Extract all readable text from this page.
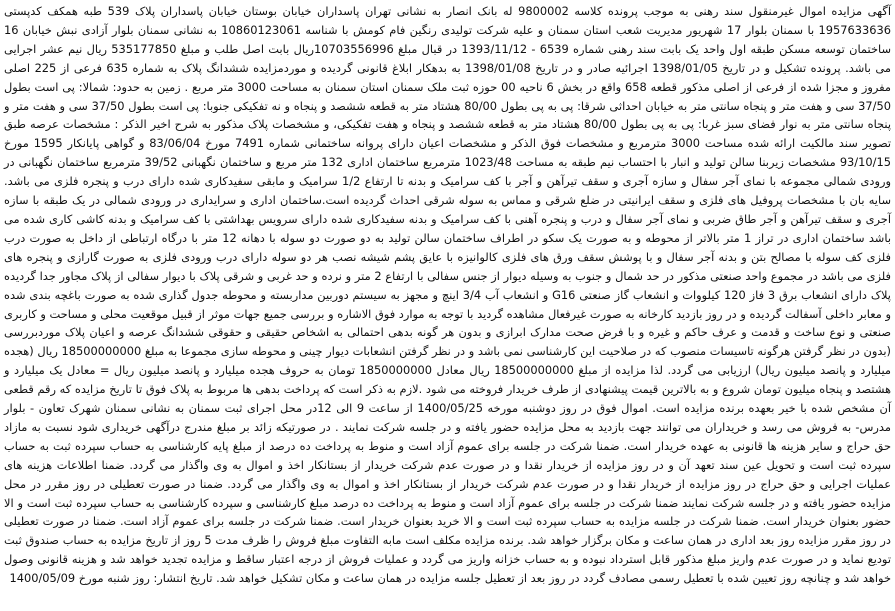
آگهی مزایده اموال غیرمنقول سند رهنی به موجب پرونده کلاسه 9800002 له بانک انصار به نشانی تهران پاسداران خیابان بوستان خیابان پاسداران پلاک 539 طبه همکف کدپستی 1957633636 با سمنان بلوار 17 شهریور مدیریت شعب استان سمنان و علیه شرکت تولیدی رنگین فام کومش با شناسه 10860123061 به نشانی سمنان بلوار آزادی نبش خیابان 16 ساختمان توسعه مسکن طبقه اول واحد یک بابت سند رهنی شماره 6539 - 1393/11/12 در قبال مبلغ 10703556996ریال بابت اصل طلب و مبلغ 535177850 ریال نیم عشر اجرایی می باشد. پرونده تشکیل و در تاریخ 1398/01/05 اجرائیه صادر و در تاریخ 1398/01/08 به بدهکار ابلاغ قانونی گردیده و موردمزایده ششدانگ پلاک به شماره 635 فرعی از 225 اصلی مفروز و مجزا شده از فرعی از اصلی مذکور قطعه 658 واقع در بخش 6 ناحیه 00 حوزه ثبت ملک سمنان استان سمنان به مساحت 3000 متر مربع . زمین به حدود: شمالا: پی است بطول 37/50 سی و هفت متر و پنجاه سانتی متر به خیابان احداثی شرقا: پی به پی بطول 80/00 هشتاد متر به قطعه ششصد و پنجاه و نه تفکیکی جنوبا: پی است بطول 37/50 سی و هفت متر و پنجاه سانتی متر به نوار فضای سبز غربا: پی به پی بطول 80/00 هشتاد متر به قطعه ششصد و پنجاه و هفت تفکیکی، و مشخصات پلاک مذکور به شرح اخیر الذکر : مشخصات عرصه طبق تصویر سند مالکیت ارائه شده مساحت 3000 مترمربع و مشخصات فوق الذکر و مشخصات اعیان دارای پروانه ساختمانی شماره 7491 مورخ 83/06/04 و گواهی پایانکار 1595 مورخ 93/10/15 مشخصات زیربنا سالن تولید و انبار با احتساب نیم طبقه به مساحت 1023/48 مترمربع ساختمان اداری 132 متر مربع و ساختمان نگهبانی 39/52 مترمربع ساختمان نگهبانی در ورودی شمالی مجموعه با نمای آجر سفال و سازه آجری و سقف تیرآهن و آجر با کف سرامیک و بدنه تا ارتفاع 1/2 سرامیک و مابقی سفیدکاری شده دارای درب و پنجره فلزی می باشد. سایه بان با مشخصات پروفیل های فلزی و سقف ایرانیتی در ضلع شرقی و مماس به سوله شرقی احداث گردیده است.ساختمان اداری و سرایداری در ورودی شمالی در یک طبقه با سازه آجری و سقف تیرآهن و آجر طاق ضربی و نمای آجر سفال و درب و پنجره آهنی با کف سرامیک و بدنه سفیدکاری شده دارای سرویس بهداشتی با کف سرامیک و بدنه کاشی کاری شده می باشد ساختمان اداری در تراز 1 متر بالاتر از محوطه و به صورت یک سکو در اطراف ساختمان سالن تولید به دو صورت دو سوله با دهانه 12 متر با درگاه ارتباطی از داخل به صورت درب فلزی کف سوله با مصالح بتن و بدنه آجر سفال و با پوشش سقف ورق های فلزی کالوانیزه با عایق پشم شیشه نصب هر دو سوله دارای درب ورودی فلزی به صورت گارازی و پنجره های فلزی می باشد در مجموع واحد صنعتی مذکور در حد شمال و جنوب به وسیله دیوار از جنس سفالی با ارتفاع 2 متر و نرده و حد غربی و شرقی پلاک با دیوار سفالی از پلاک مجاور جدا گردیده پلاک دارای انشعاب برق 3 فاز 120 کیلووات و انشعاب گاز صنعتی G16 و انشعاب آب 3/4 اینچ و مجهز به سیستم دوربین مداربسته و محوطه جدول گذاری شده به صورت باغچه بندی شده و معابر داخلی آسفالت گردیده و در روز بازدید کارخانه به صورت غیرفعال مشاهده گردید با توجه به موارد فوق الاشاره و بررسی جمیع جهات موثر از قبیل موقعیت محلی و مساحت و کاربری صنعتی و نوع ساخت و قدمت و عرف حاکم و غیره و با فرض صحت مدارک ابرازی و بدون هر گونه بدهی احتمالی به اشخاص حقیقی و حقوقی ششدانگ عرصه و اعیان پلاک موردبررسی (بدون در نظر گرفتن هرگونه تاسیسات منصوب که در صلاحیت این کارشناسی نمی باشد و در نظر گرفتن انشعابات دیوار چینی و محوطه سازی مجموعا به مبلغ 18500000000 ریال (هجده میلیارد و پانصد میلیون ریال) ارزیابی می گردد. لذا مزایده از مبلغ 18500000000 ریال معادل 1850000000 تومان به حروف هجده میلیارد و پانصد میلیون ریال = معادل یک میلیارد و هشتصد و پنجاه میلیون تومان شروع و به بالاترین قیمت پیشنهادی از طرف خریدار فروخته می شود .لازم به ذکر است که پرداخت بدهی ها مربوط به پلاک فوق تا تاریخ مزایده که رقم قطعی آن مشخص شده با خیر بعهده برنده مزایده است. اموال فوق در روز دوشنبه مورخه 1400/05/25 از ساعت 9 الی 12در محل اجرای ثبت سمنان به نشانی سمنان شهرک تعاون - بلوار مدرس- به فروش می رسد و خریداران می توانند جهت بازدید به محل مزایده حضور یافته و در جلسه شرکت نمایند . در صورتیکه زائد بر مبلغ مندرج درآگهی خریداری شود نسبت به مازاد حق حراج و سایر هزینه ها قانونی به عهده خریدار است. ضمنا شرکت در جلسه برای عموم آزاد است و منوط به پرداخت ده درصد از مبلغ پایه کارشناسی به حساب سپرده ثبت به حساب سپرده ثبت است و تحویل عین سند تعهد آن و در روز مزایده از خریدار نقدا و در صورت عدم شرکت خریدار از بستانکار اخذ و اموال به وی واگذار می گردد. ضمنا اطلاعات هزینه های عملیات اجرایی و حق حراج در روز مزایده از خریدار نقدا و در صورت عدم شرکت خریدار از بستانکار اخذ و اموال به وی واگذار می گردد. ضمنا در صورت تعطیلی در روز مقرر در محل مزایده حضور یافته و در جلسه شرکت نمایند ضمنا شرکت در جلسه برای عموم آزاد است و منوط به پرداخت ده درصد مبلغ کارشناسی و سپرده کارشناسی به حساب سپرده ثبت است و الا حضور بعنوان خریدار است. ضمنا شرکت در جلسه مزایده به حساب سپرده ثبت است و الا خرید بعنوان خریدار است. ضمنا شرکت در جلسه برای عموم آزاد است. ضمنا در صورت تعطیلی در روز مقرر مزایده روز بعد اداری در همان ساعت و مکان برگزار خواهد شد. برنده مزایده مکلف است مابه التفاوت مبلغ فروش را ظرف مدت 5 روز از تاریخ مزایده به حساب صندوق ثبت تودیع نماید و در صورت عدم واریز مبلغ مذکور قابل استرداد نبوده و به حساب خزانه واریز می گردد و عملیات فروش از درجه اعتبار ساقط و مزایده تجدید خواهد شد و هزینه قانونی وصول خواهد شد و چنانچه روز تعیین شده با تعطیل رسمی مصادف گردد در روز بعد از تعطیل جلسه مزایده در همان ساعت و مکان تشکیل خواهد شد. تاریخ انتشار: روز شنبه مورخ 1400/05/09
